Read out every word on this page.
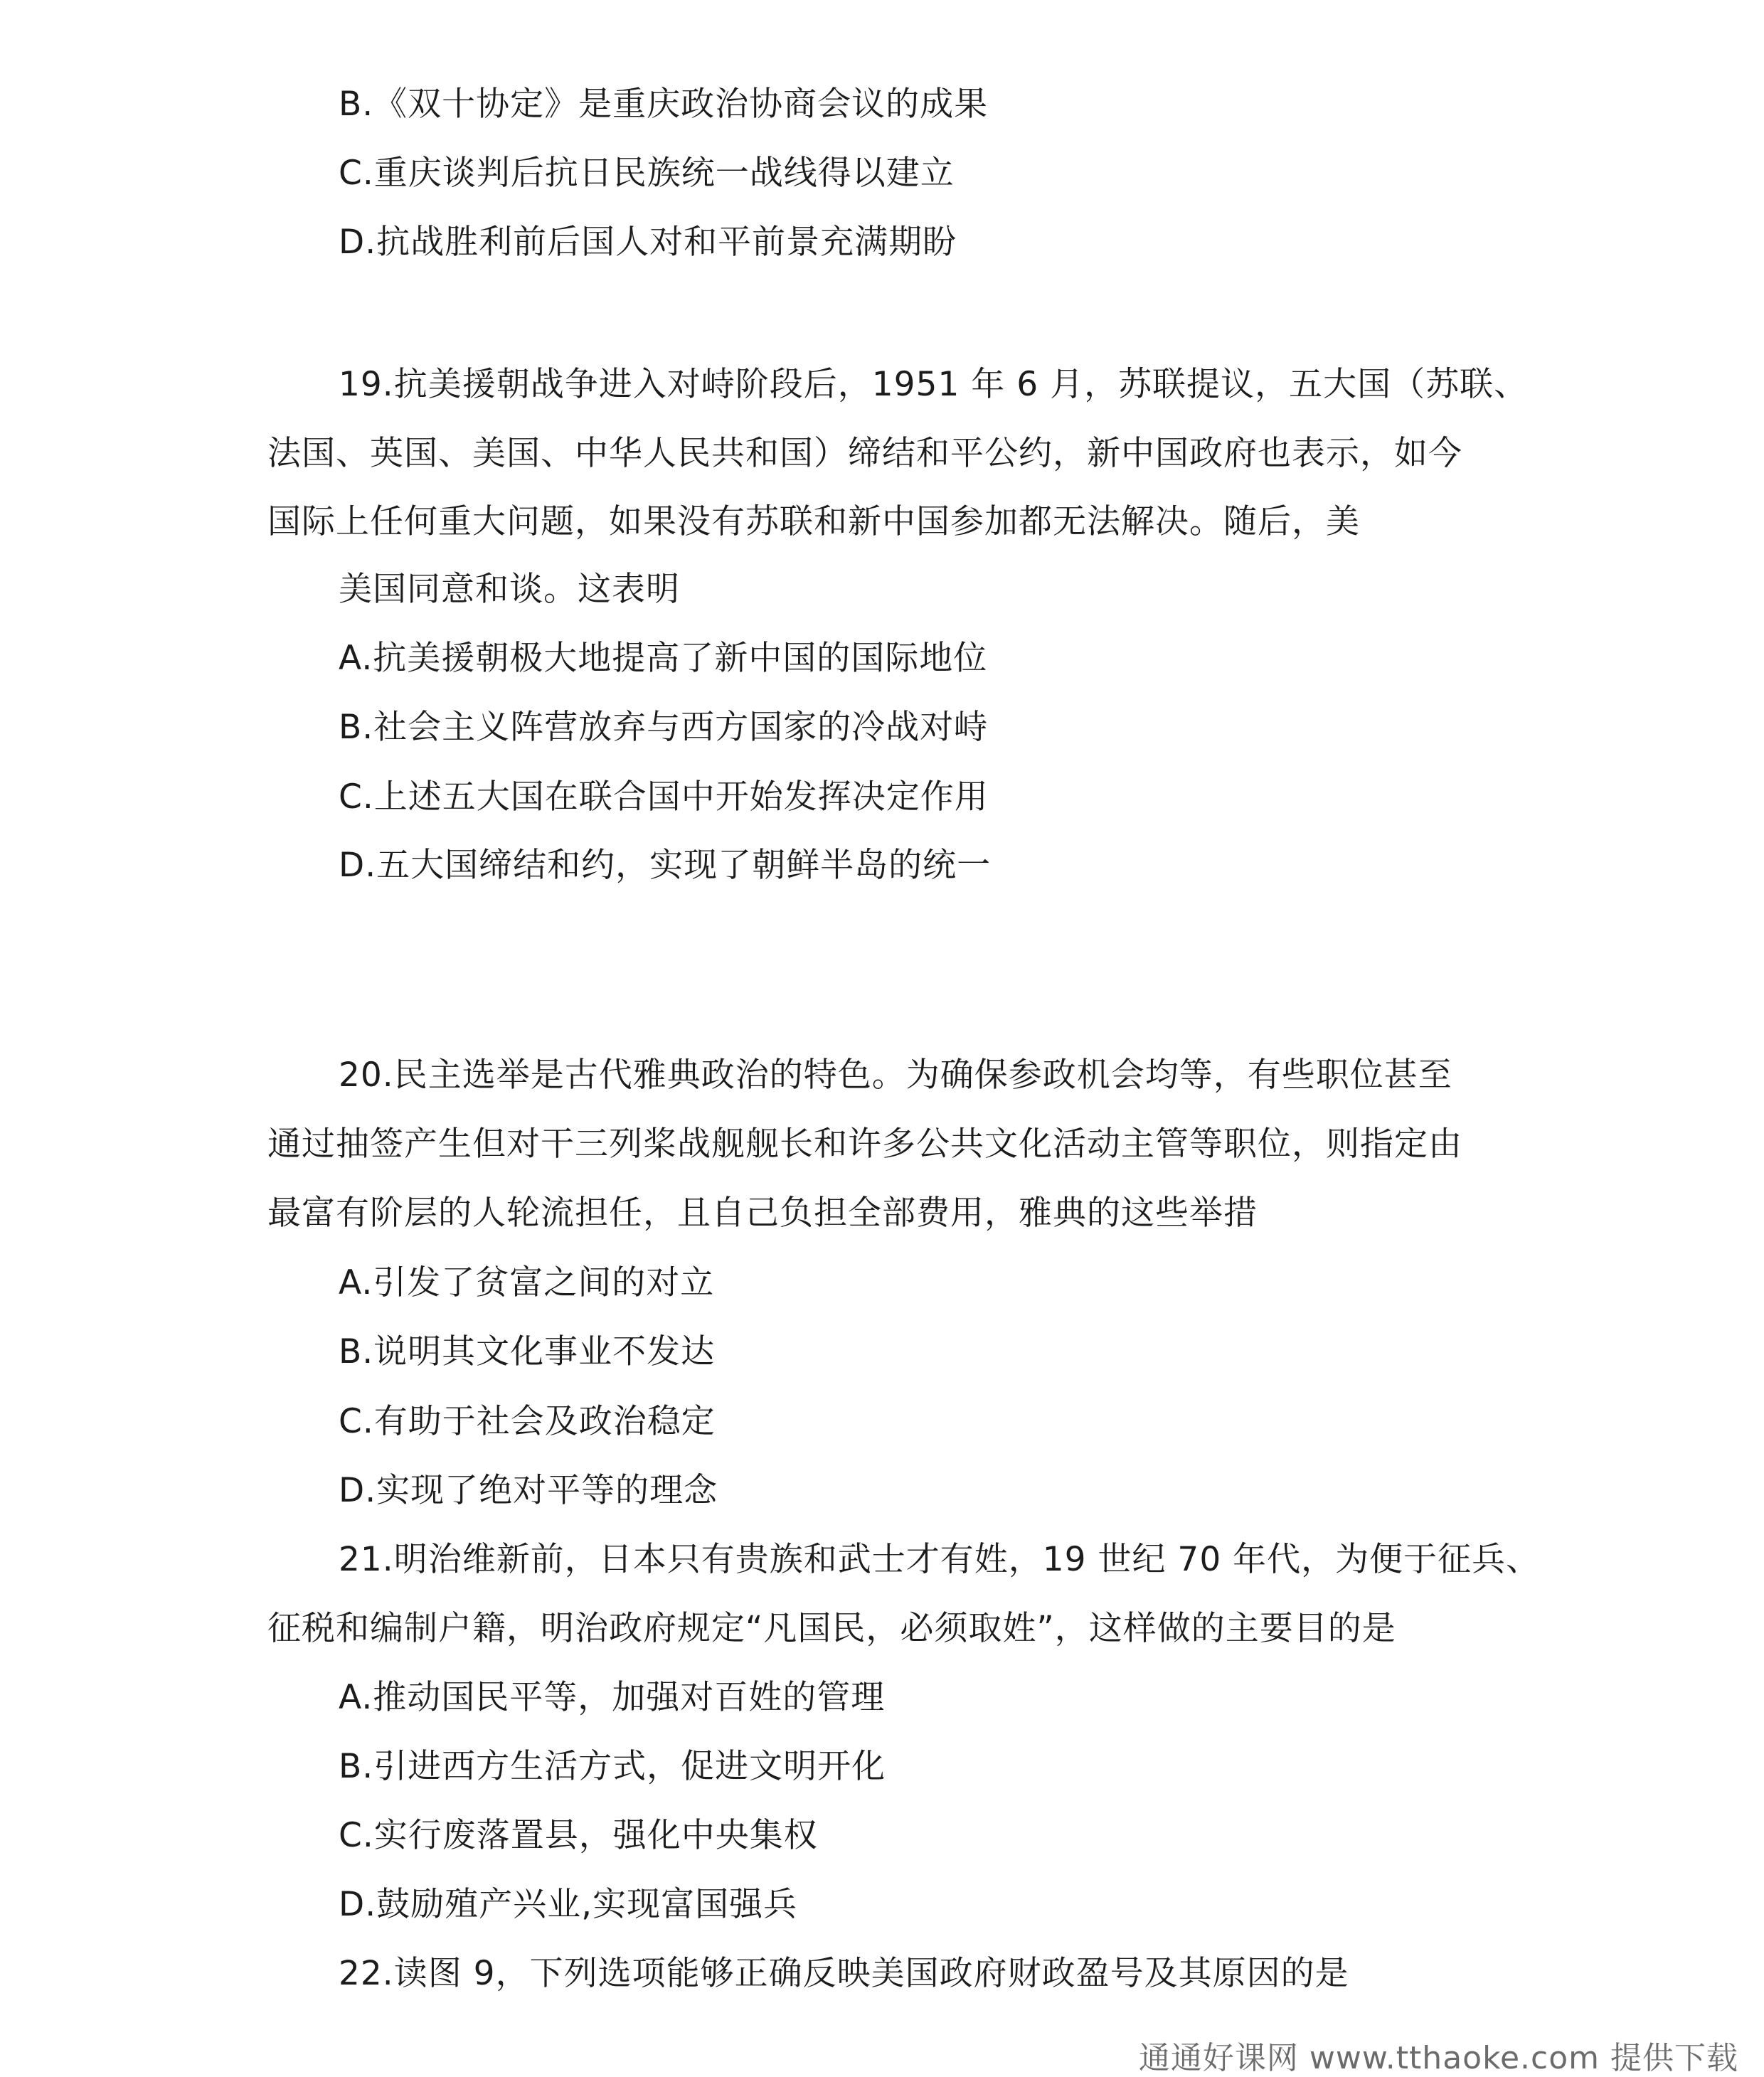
B.《双十协定》是重庆政治协商会议的成果
C.重庆谈判后抗日民族统一战线得以建立
D.抗战胜利前后国人对和平前景充满期盼
19.抗美援朝战争进入对峙阶段后，1951 年 6 月，苏联提议，五大国（苏联、
法国、英国、美国、中华人民共和国）缔结和平公约，新中国政府也表示，如今
国际上任何重大问题，如果没有苏联和新中国参加都无法解决。随后，美
美国同意和谈。这表明
A.抗美援朝极大地提高了新中国的国际地位
B.社会主义阵营放弃与西方国家的冷战对峙
C.上述五大国在联合国中开始发挥决定作用
D.五大国缔结和约，实现了朝鲜半岛的统一
20.民主选举是古代雅典政治的特色。为确保参政机会均等，有些职位甚至
通过抽签产生但对干三列桨战舰舰长和许多公共文化活动主管等职位，则指定由
最富有阶层的人轮流担任，且自己负担全部费用，雅典的这些举措
A.引发了贫富之间的对立
B.说明其文化事业不发达
C.有助于社会及政治稳定
D.实现了绝对平等的理念
21.明治维新前，日本只有贵族和武士才有姓，19 世纪 70 年代，为便于征兵、
征税和编制户籍，明治政府规定“凡国民，必须取姓”，这样做的主要目的是
A.推动国民平等，加强对百姓的管理
B.引进西方生活方式，促进文明开化
C.实行废落置县，强化中央集权
D.鼓励殖产兴业,实现富国强兵
22.读图 9，下列选项能够正确反映美国政府财政盈号及其原因的是
通通好课网 www.tthaoke.com 提供下载
